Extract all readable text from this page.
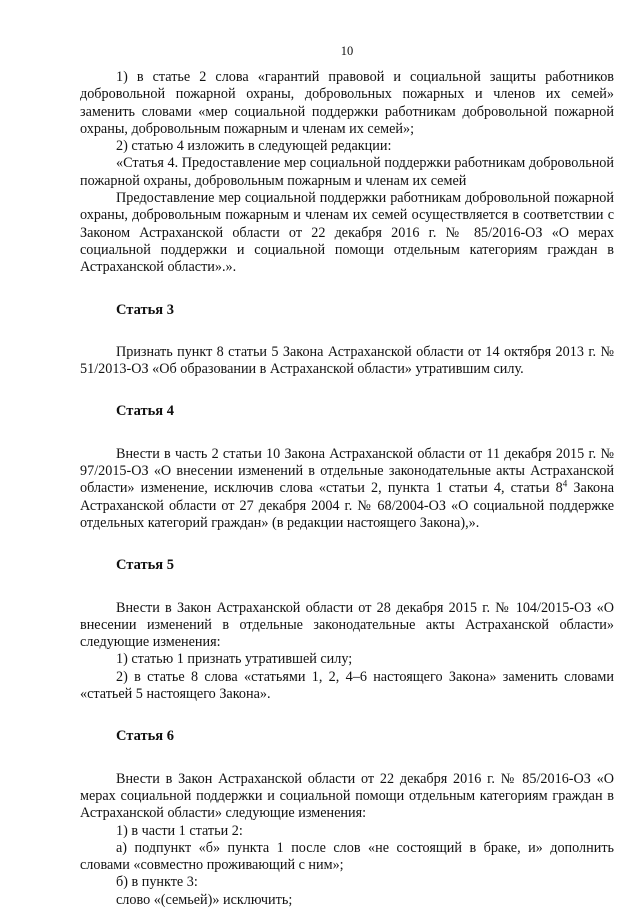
10

1) в статье 2 слова «гарантий правовой и социальной защиты работников добровольной пожарной охраны, добровольных пожарных и членов их семей» заменить словами «мер социальной поддержки работникам добровольной пожарной охраны, добровольным пожарным и членам их семей»;

2) статью 4 изложить в следующей редакции:

«Статья 4. Предоставление мер социальной поддержки работникам добровольной пожарной охраны, добровольным пожарным и членам их семей

Предоставление мер социальной поддержки работникам добровольной пожарной охраны, добровольным пожарным и членам их семей осуществляется в соответствии с Законом Астраханской области от 22 декабря 2016 г. № 85/2016-ОЗ «О мерах социальной поддержки и социальной помощи отдельным категориям граждан в Астраханской области».».

Статья 3

Признать пункт 8 статьи 5 Закона Астраханской области от 14 октября 2013 г. № 51/2013-ОЗ «Об образовании в Астраханской области» утратившим силу.

Статья 4

Внести в часть 2 статьи 10 Закона Астраханской области от 11 декабря 2015 г. № 97/2015-ОЗ «О внесении изменений в отдельные законодательные акты Астраханской области» изменение, исключив слова «статьи 2, пункта 1 статьи 4, статьи $8^4$ Закона Астраханской области от 27 декабря 2004 г. № 68/2004-ОЗ «О социальной поддержке отдельных категорий граждан» (в редакции настоящего Закона),».

Статья 5

Внести в Закон Астраханской области от 28 декабря 2015 г. № 104/2015-ОЗ «О внесении изменений в отдельные законодательные акты Астраханской области» следующие изменения:

1) статью 1 признать утратившей силу;

2) в статье 8 слова «статьями 1, 2, 4–6 настоящего Закона» заменить словами «статьей 5 настоящего Закона».

Статья 6

Внести в Закон Астраханской области от 22 декабря 2016 г. № 85/2016-ОЗ «О мерах социальной поддержки и социальной помощи отдельным категориям граждан в Астраханской области» следующие изменения:

1) в части 1 статьи 2:

а) подпункт «б» пункта 1 после слов «не состоящий в браке, и» дополнить словами «совместно проживающий с ним»;

б) в пункте 3:

слово «(семьей)» исключить;
